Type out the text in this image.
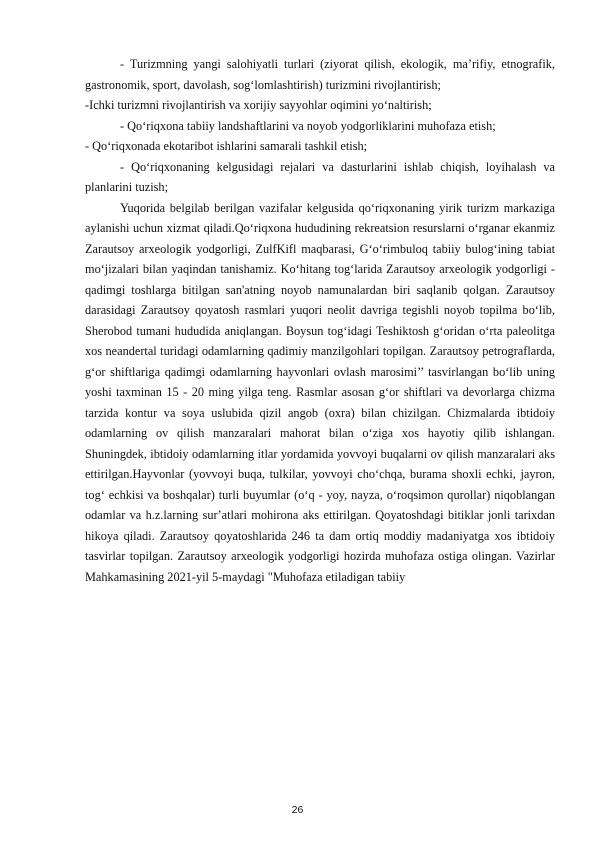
- Turizmning yangi salohiyatli turlari (ziyorat qilish, ekologik, maʼrifiy, etnografik, gastronomik, sport, davolash, sogʻlomlashtirish) turizmini rivojlantirish;

-Ichki turizmni rivojlantirish va xorijiy sayyohlar oqimini yoʻnaltirish;

- Qoʻriqxona tabiiy landshaftlarini va noyob yodgorliklarini muhofaza etish;

- Qoʻriqxonada ekotaribot ishlarini samarali tashkil etish;

- Qoʻriqxonaning kelgusidagi rejalari va dasturlarini ishlab chiqish, loyihalash va planlarini tuzish;

Yuqorida belgilab berilgan vazifalar kelgusida qoʻriqxonaning yirik turizm markaziga aylanishi uchun xizmat qiladi.Qoʻriqxona hududining rekreatsion resurslarni oʻrganar ekanmiz Zarautsoy arxeologik yodgorligi, ZulfKifl maqbarasi, Gʻoʻrimbuloq tabiiy bulogʻining tabiat moʻjizalari bilan yaqindan tanishamiz. Koʻhitang togʻlarida Zarautsoy arxeologik yodgorligi - qadimgi toshlarga bitilgan san'atning noyob namunalardan biri saqlanib qolgan. Zarautsoy darasidagi Zarautsoy qoyatosh rasmlari yuqori neolit davriga tegishli noyob topilma boʻlib, Sherobod tumani hududida aniqlangan. Boysun togʻidagi Teshiktosh gʻoridan oʻrta paleolitga xos neandertal turidagi odamlarning qadimiy manzilgohlari topilgan. Zarautsoy petrograflarda, gʻor shiftlariga qadimgi odamlarning hayvonlari ovlash marosimi’’ tasvirlangan boʻlib uning yoshi taxminan 15 - 20 ming yilga teng. Rasmlar asosan gʻor shiftlari va devorlarga chizma tarzida kontur va soya uslubida qizil angob (oxra) bilan chizilgan. Chizmalarda ibtidoiy odamlarning ov qilish manzaralari mahorat bilan oʻziga xos hayotiy qilib ishlangan. Shuningdek, ibtidoiy odamlarning itlar yordamida yovvoyi buqalarni ov qilish manzaralari aks ettirilgan.Hayvonlar (yovvoyi buqa, tulkilar, yovvoyi choʻchqa, burama shoxli echki, jayron, togʻ echkisi va boshqalar) turli buyumlar (oʻq - yoy, nayza, oʻroqsimon qurollar) niqoblangan odamlar va h.z.larning surʼatlari mohirona aks ettirilgan. Qoyatoshdagi bitiklar jonli tarixdan hikoya qiladi. Zarautsoy qoyatoshlarida 246 ta dam ortiq moddiy madaniyatga xos ibtidoiy tasvirlar topilgan. Zarautsoy arxeologik yodgorligi hozirda muhofaza ostiga olingan. Vazirlar Mahkamasining 2021-yil 5-maydagi "Muhofaza etiladigan tabiiy

26
